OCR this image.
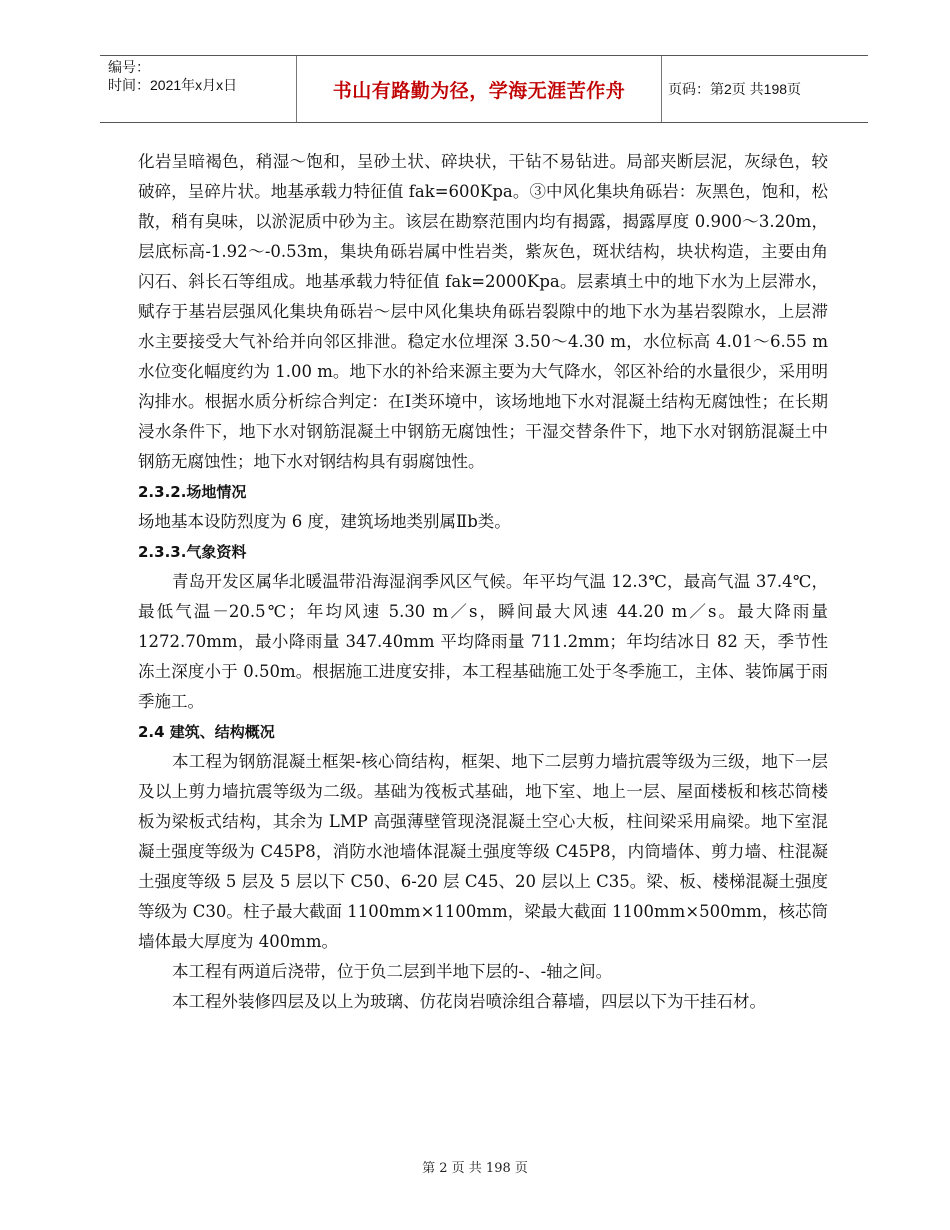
编号：
时间：2021年x月x日	书山有路勤为径，学海无涯苦作舟	页码：第2页 共198页

化岩呈暗褐色，稍湿～饱和，呈砂土状、碎块状，干钻不易钻进。局部夹断层泥，灰绿色，较破碎，呈碎片状。地基承载力特征值 fak=600Kpa。③中风化集块角砾岩：灰黑色，饱和，松散，稍有臭味，以淤泥质中砂为主。该层在勘察范围内均有揭露，揭露厚度 0.900～3.20m，层底标高-1.92～-0.53m，集块角砾岩属中性岩类，紫灰色，斑状结构，块状构造，主要由角闪石、斜长石等组成。地基承载力特征值 fak=2000Kpa。层素填土中的地下水为上层滞水，赋存于基岩层强风化集块角砾岩～层中风化集块角砾岩裂隙中的地下水为基岩裂隙水，上层滞水主要接受大气补给并向邻区排泄。稳定水位埋深 3.50～4.30 m，水位标高 4.01～6.55 m水位变化幅度约为 1.00 m。地下水的补给来源主要为大气降水，邻区补给的水量很少，采用明沟排水。根据水质分析综合判定：在Ⅰ类环境中，该场地地下水对混凝土结构无腐蚀性；在长期浸水条件下，地下水对钢筋混凝土中钢筋无腐蚀性；干湿交替条件下，地下水对钢筋混凝土中钢筋无腐蚀性；地下水对钢结构具有弱腐蚀性。

2.3.2.场地情况

场地基本设防烈度为 6 度，建筑场地类别属Ⅱb类。

2.3.3.气象资料

青岛开发区属华北暖温带沿海湿润季风区气候。年平均气温 12.3℃，最高气温 37.4℃，最低气温－20.5℃；年均风速 5.30 m／s，瞬间最大风速 44.20 m／s。最大降雨量 1272.70mm，最小降雨量 347.40mm 平均降雨量 711.2mm；年均结冰日 82 天，季节性冻土深度小于 0.50m。根据施工进度安排，本工程基础施工处于冬季施工，主体、装饰属于雨季施工。

2.4 建筑、结构概况

本工程为钢筋混凝土框架-核心筒结构，框架、地下二层剪力墙抗震等级为三级，地下一层及以上剪力墙抗震等级为二级。基础为筏板式基础，地下室、地上一层、屋面楼板和核芯筒楼板为梁板式结构，其余为 LMP 高强薄壁管现浇混凝土空心大板，柱间梁采用扁梁。地下室混凝土强度等级为 C45P8，消防水池墙体混凝土强度等级 C45P8，内筒墙体、剪力墙、柱混凝土强度等级 5 层及 5 层以下 C50、6-20 层 C45、20 层以上 C35。梁、板、楼梯混凝土强度等级为 C30。柱子最大截面 1100mm×1100mm，梁最大截面 1100mm×500mm，核芯筒墙体最大厚度为 400mm。

本工程有两道后浇带，位于负二层到半地下层的-、-轴之间。

本工程外装修四层及以上为玻璃、仿花岗岩喷涂组合幕墙，四层以下为干挂石材。

第 2 页 共 198 页
